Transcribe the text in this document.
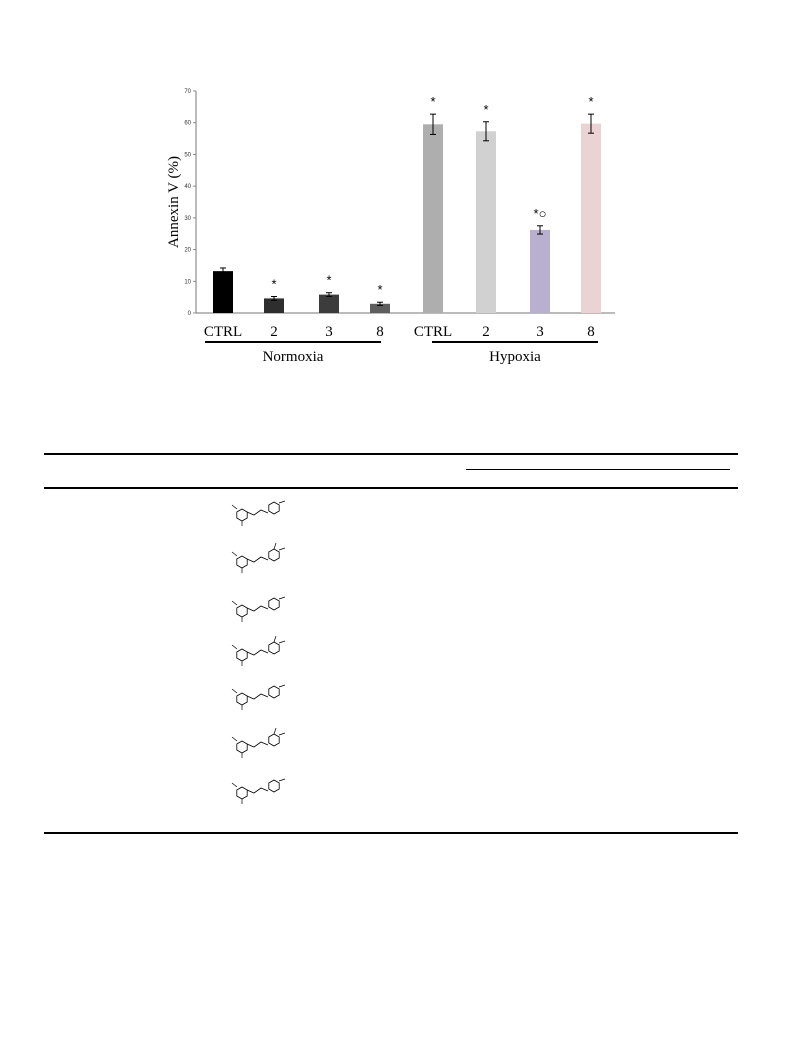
0
10
20
30
40
50
60
70
*	*
*
*
*
*○
*
CTRL 2	3	8 CTRL 2	3	8
Normoxia	Hypoxia
Annexin V (%)
